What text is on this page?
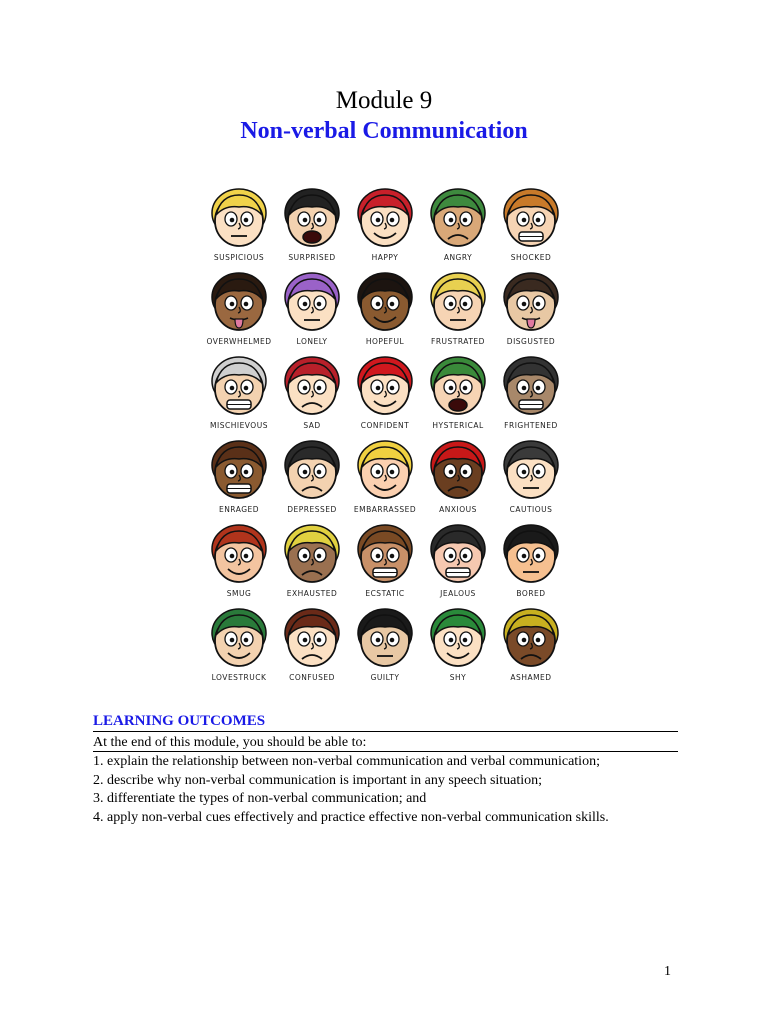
Module 9
Non-verbal Communication
SUSPICIOUS	SURPRISED	HAPPY	ANGRY	SHOCKED
OVERWHELMED	LONELY	HOPEFUL	FRUSTRATED	DISGUSTED
MISCHIEVOUS	SAD	CONFIDENT	HYSTERICAL	FRIGHTENED
ENRAGED	DEPRESSED	EMBARRASSED	ANXIOUS	CAUTIOUS
SMUG	EXHAUSTED	ECSTATIC	JEALOUS	BORED
LOVESTRUCK	CONFUSED	GUILTY	SHY	ASHAMED
LEARNING OUTCOMES
At the end of this module, you should be able to:
1. explain the relationship between non-verbal communication and verbal communication;
2. describe why non-verbal communication is important in any speech situation;
3. differentiate the types of non-verbal communication; and
4. apply non-verbal cues effectively and practice effective non-verbal communication skills.
1
